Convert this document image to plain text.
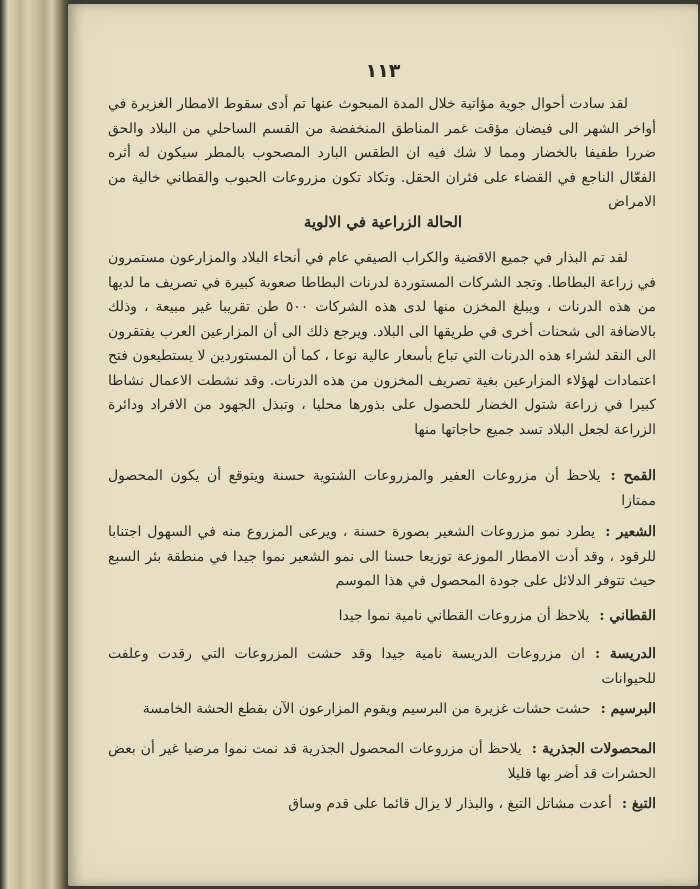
١١٣

لقد سادت أحوال جوية مؤاتية خلال المدة المبحوث عنها تم أدى سقوط الامطار الغزيرة في أواخر الشهر الى فيضان مؤقت غمر المناطق المنخفضة من القسم الساحلي من البلاد والحق ضررا طفيفا بالخضار ومما لا شك فيه ان الطقس البارد المصحوب بالمطر سيكون له أثره الفعّال الناجع في القضاء على فئران الحقل. وتكاد تكون مزروعات الحبوب والقطاني خالية من الامراض

الحالة الزراعية في الالوية

لقد تم البذار في جميع الاقضية والكراب الصيفي عام في أنحاء البلاد والمزارعون مستمرون في زراعة البطاطا. وتجد الشركات المستوردة لدرنات البطاطا صعوبة كبيرة في تصريف ما لديها من هذه الدرنات ، ويبلغ المخزن منها لدى هذه الشركات ٥٠٠ طن تقريبا غير مبيعة ، وذلك بالاضافة الى شحنات أخرى في طريقها الى البلاد. ويرجع ذلك الى أن المزارعين العرب يفتقرون الى النقد لشراء هذه الدرنات التي تباع بأسعار عالية نوعا ، كما أن المستوردين لا يستطيعون فتح اعتمادات لهؤلاء المزارعين بغية تصريف المخزون من هذه الدرنات. وقد نشطت الاعمال نشاطا كبيرا في زراعة شتول الخضار للحصول على بذورها محليا ، وتبذل الجهود من الافراد ودائرة الزراعة لجعل البلاد تسد جميع حاجاتها منها

القمح :يلاحظ أن مزروعات العفير والمزروعات الشتوية حسنة ويتوقع أن يكون المحصول ممتازا

الشعير :يطرد نمو مزروعات الشعير بصورة حسنة ، ويرعى المزروع منه في السهول اجتنابا للرقود ، وقد أدت الامطار الموزعة توزيعا حسنا الى نمو الشعير نموا جيدا في منطقة بئر السبع حيث تتوفر الدلائل على جودة المحصول في هذا الموسم

القطاني :يلاحظ أن مزروعات القطاني نامية نموا جيدا

الدريسة :ان مزروعات الدريسة نامية جيدا وقد حشت المزروعات التي رقدت وعلفت للحيوانات

البرسيم :حشت حشات غزيرة من البرسيم ويقوم المزارعون الآن بقطع الحشة الخامسة

المحصولات الجذرية :يلاحظ أن مزروعات المحصول الجذرية قد نمت نموا مرضيا غير أن بعض الحشرات قد أضر بها قليلا

التبغ :أعدت مشاتل التبغ ، والبذار لا يزال قائما على قدم وساق
